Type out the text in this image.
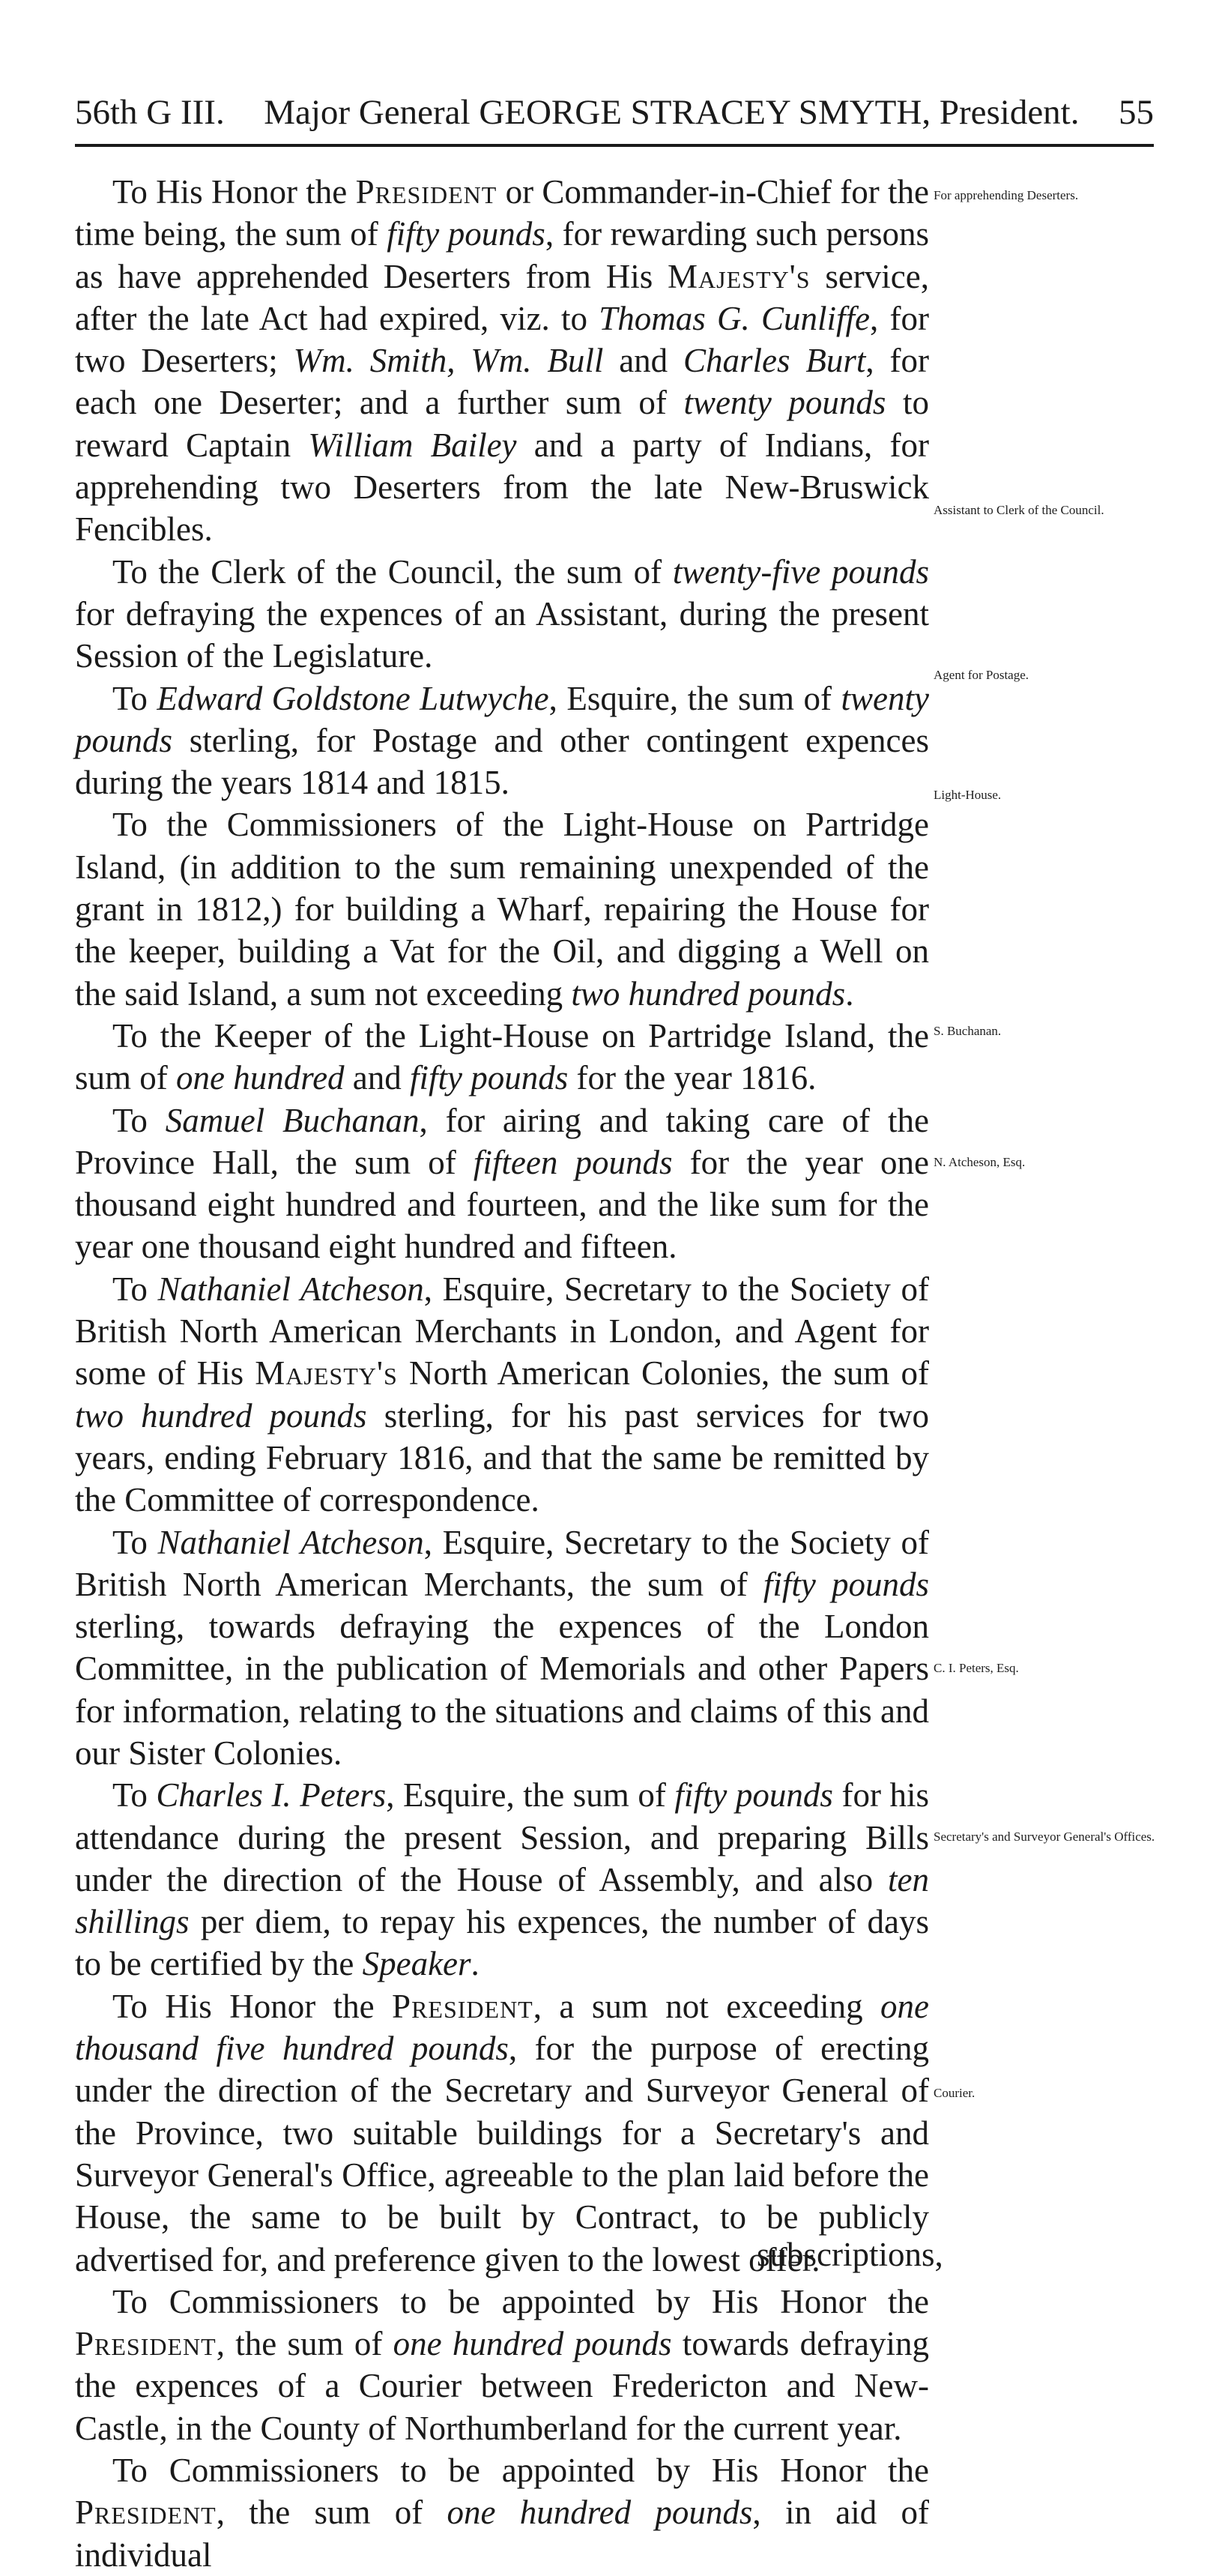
56th G III. Major General GEORGE STRACEY SMYTH, President. 55

To His Honor the President or Commander-in-Chief for the time being, the sum of fifty pounds, for rewarding such persons as have apprehended Deserters from His Majesty's service, after the late Act had expired, viz. to Thomas G. Cunliffe, for two Deserters; Wm. Smith, Wm. Bull and Charles Burt, for each one Deserter; and a further sum of twenty pounds to reward Captain William Bailey and a party of Indians, for apprehending two Deserters from the late New-Bruswick Fencibles.

To the Clerk of the Council, the sum of twenty-five pounds for defraying the expences of an Assistant, during the present Session of the Legislature.

To Edward Goldstone Lutwyche, Esquire, the sum of twenty pounds sterling, for Postage and other contingent expences during the years 1814 and 1815.

To the Commissioners of the Light-House on Partridge Island, (in addition to the sum remaining unexpended of the grant in 1812,) for building a Wharf, repairing the House for the keeper, building a Vat for the Oil, and digging a Well on the said Island, a sum not exceeding two hundred pounds.

To the Keeper of the Light-House on Partridge Island, the sum of one hundred and fifty pounds for the year 1816.

To Samuel Buchanan, for airing and taking care of the Province Hall, the sum of fifteen pounds for the year one thousand eight hundred and fourteen, and the like sum for the year one thousand eight hundred and fifteen.

To Nathaniel Atcheson, Esquire, Secretary to the Society of British North American Merchants in London, and Agent for some of His Majesty's North American Colonies, the sum of two hundred pounds sterling, for his past services for two years, ending February 1816, and that the same be remitted by the Committee of correspondence.

To Nathaniel Atcheson, Esquire, Secretary to the Society of British North American Merchants, the sum of fifty pounds sterling, towards defraying the expences of the London Committee, in the publication of Memorials and other Papers for information, relating to the situations and claims of this and our Sister Colonies.

To Charles I. Peters, Esquire, the sum of fifty pounds for his attendance during the present Session, and preparing Bills under the direction of the House of Assembly, and also ten shillings per diem, to repay his expences, the number of days to be certified by the Speaker.

To His Honor the President, a sum not exceeding one thousand five hundred pounds, for the purpose of erecting under the direction of the Secretary and Surveyor General of the Province, two suitable buildings for a Secretary's and Surveyor General's Office, agreeable to the plan laid before the House, the same to be built by Contract, to be publicly advertised for, and preference given to the lowest offer.

To Commissioners to be appointed by His Honor the President, the sum of one hundred pounds towards defraying the expences of a Courier between Fredericton and New-Castle, in the County of Northumberland for the current year.

To Commissioners to be appointed by His Honor the President, the sum of one hundred pounds, in aid of individual

For apprehending Deserters.
Assistant to Clerk of the Council.
Agent for Postage.
Light-House.
S. Buchanan.
N. Atcheson, Esq.
C. I. Peters, Esq.
Secretary's and Surveyor General's Offices.
Courier.
subscriptions,
